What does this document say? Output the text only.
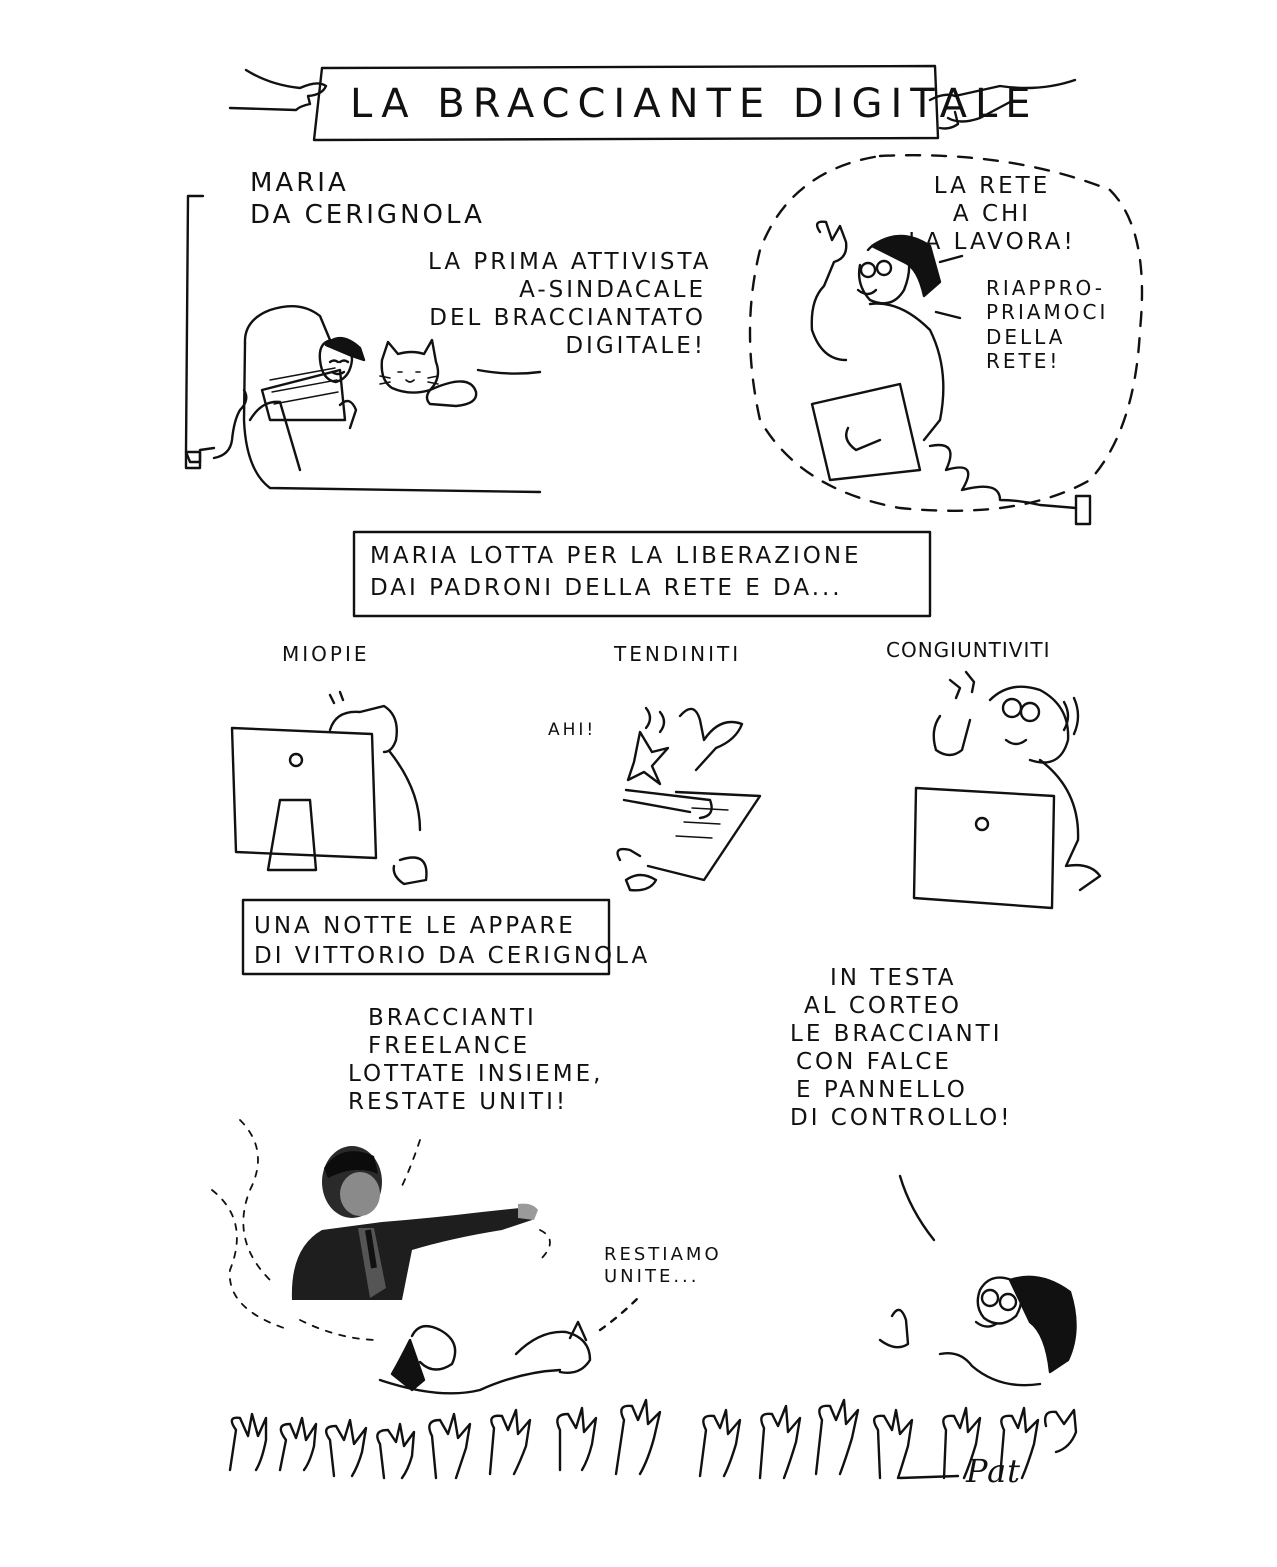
LA BRACCIANTE DIGITALE
MARIA
DA CERIGNOLA
LA PRIMA ATTIVISTA
A-SINDACALE
DEL BRACCIANTATO
DIGITALE!
LA RETE
A CHI
LA LAVORA!
RIAPPRO-
PRIAMOCI
DELLA
RETE!
MARIA LOTTA PER LA LIBERAZIONE
DAI PADRONI DELLA RETE E DA...
MIOPIE	TENDINITI
AHI!
CONGIUNTIVITI
UNA NOTTE LE APPARE
DI VITTORIO DA CERIGNOLA
BRACCIANTI
FREELANCE
LOTTATE INSIEME,
RESTATE UNITI!
RESTIAMO
UNITE...
IN TESTA
AL CORTEO
LE BRACCIANTI
CON FALCE
E PANNELLO
DI CONTROLLO!
Pat
